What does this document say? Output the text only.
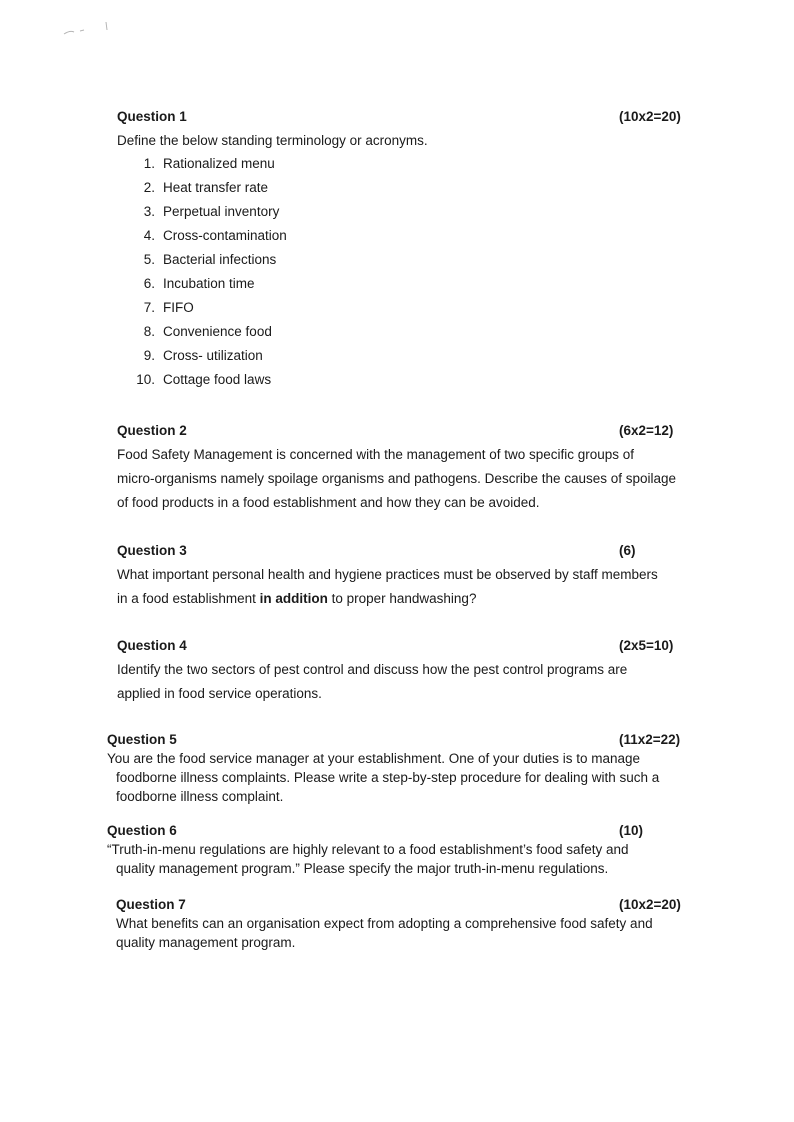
Question 1	(10x2=20)

Define the below standing terminology or acronyms.

1. Rationalized menu
2. Heat transfer rate
3. Perpetual inventory
4. Cross-contamination
5. Bacterial infections
6. Incubation time
7. FIFO
8. Convenience food
9. Cross- utilization
10. Cottage food laws
Question 2	(6x2=12)
Food Safety Management is concerned with the management of two specific groups of
micro-organisms namely spoilage organisms and pathogens. Describe the causes of spoilage
of food products in a food establishment and how they can be avoided.
Question 3	(6)
What important personal health and hygiene practices must be observed by staff members
in a food establishment in addition to proper handwashing?
Question 4	(2x5=10)
Identify the two sectors of pest control and discuss how the pest control programs are
applied in food service operations.
Question 5	(11x2=22)
You are the food service manager at your establishment. One of your duties is to manage
foodborne illness complaints. Please write a step-by-step procedure for dealing with such a
foodborne illness complaint.
Question 6	(10)
“Truth-in-menu regulations are highly relevant to a food establishment’s food safety and
quality management program.” Please specify the major truth-in-menu regulations.
Question 7	(10x2=20)
What benefits can an organisation expect from adopting a comprehensive food safety and
quality management program.
